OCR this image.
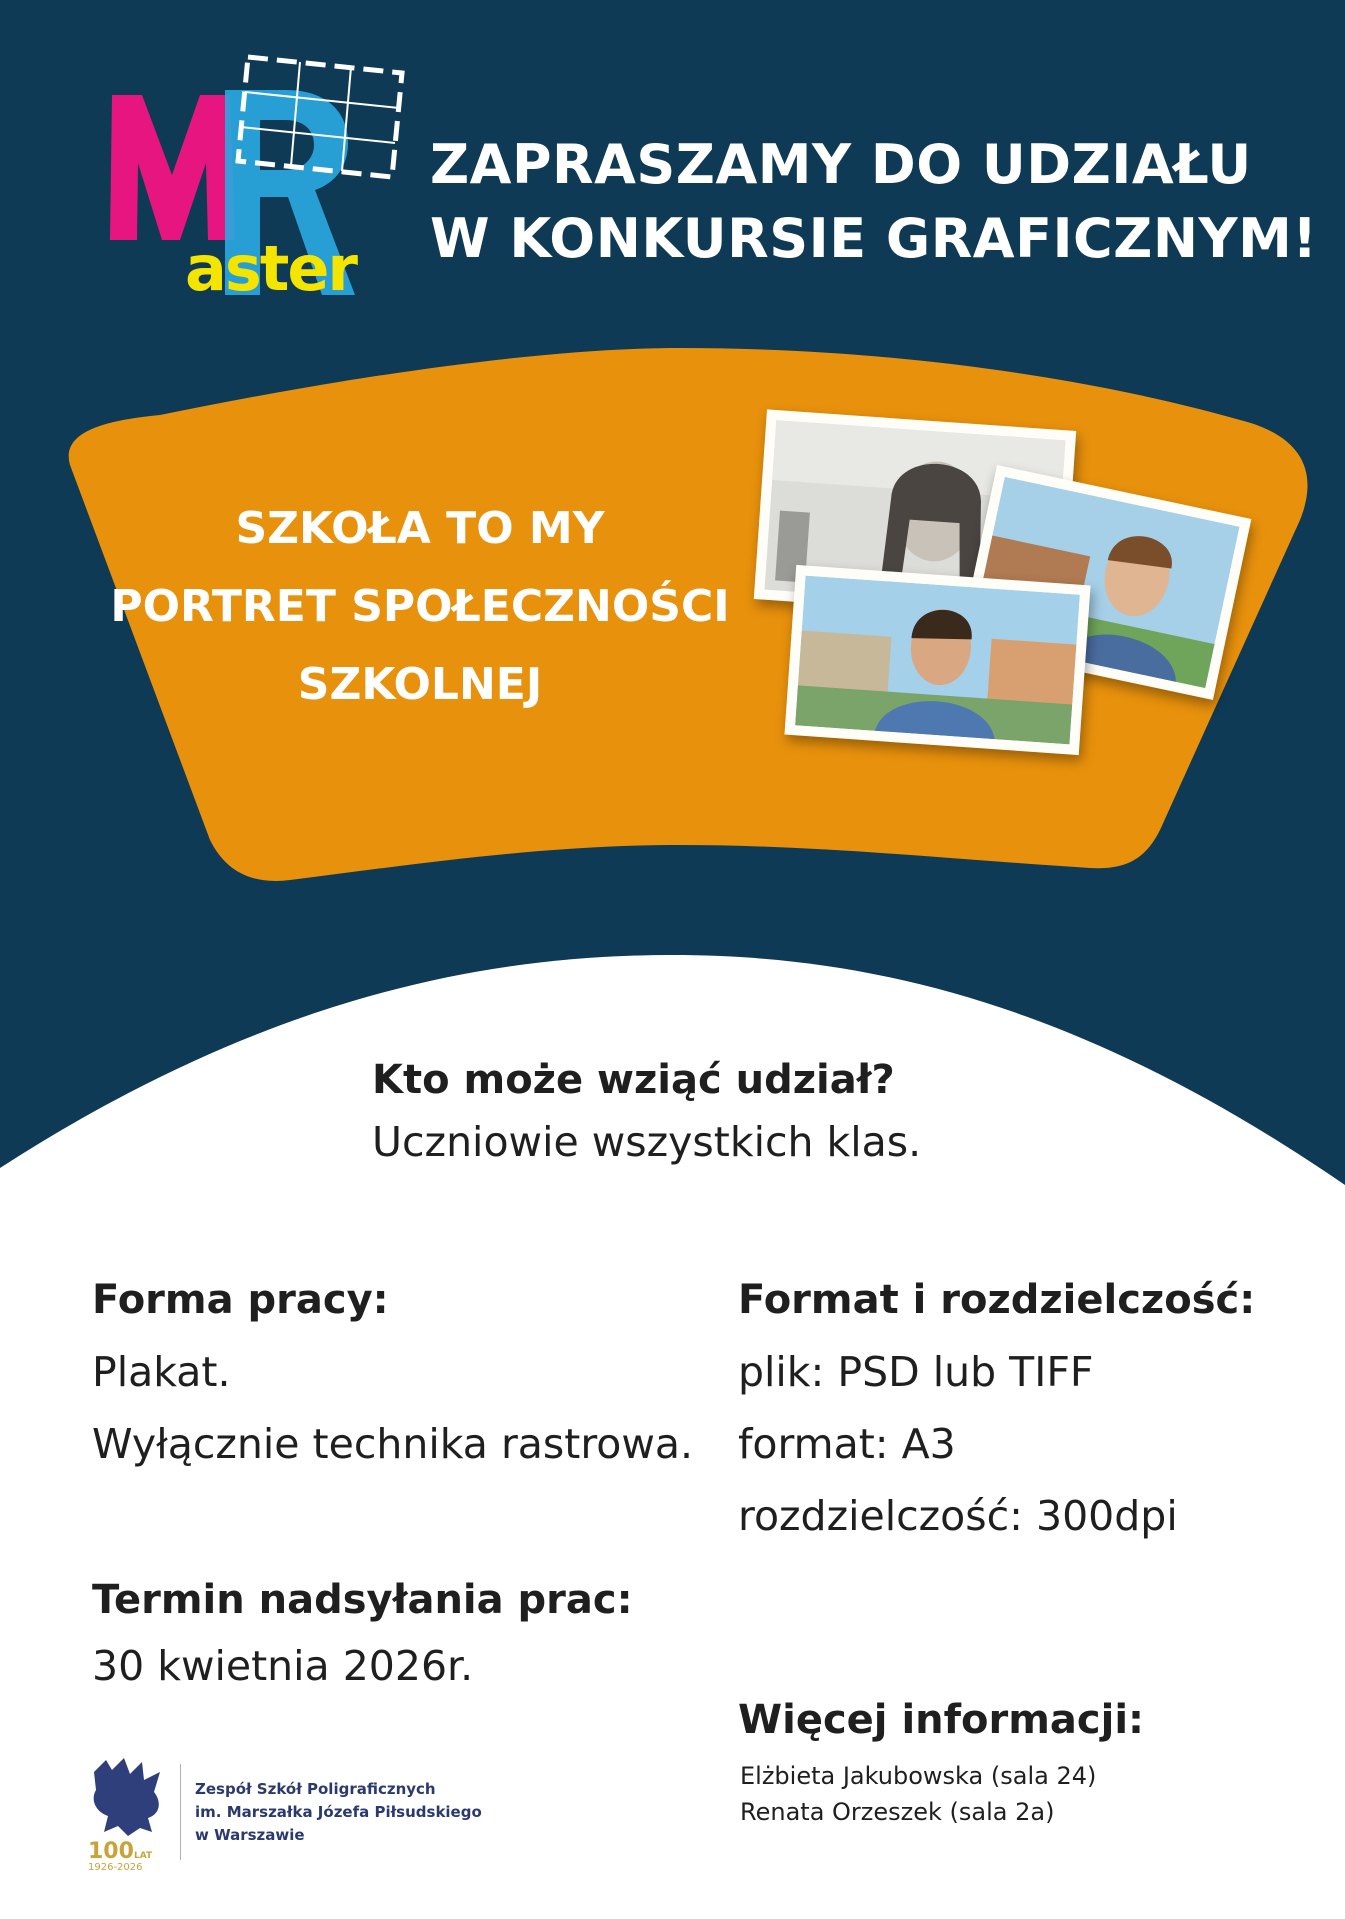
aster
ZAPRASZAMY DO UDZIAŁU
W KONKURSIE GRAFICZNYM!
SZKOŁA TO MY
PORTRET SPOŁECZNOŚCI
SZKOLNEJ
Kto może wziąć udział?
Uczniowie wszystkich klas.
Forma pracy:
Plakat.
Wyłącznie technika rastrowa.
Format i rozdzielczość:
plik: PSD lub TIFF
format: A3
rozdzielczość: 300dpi
Termin nadsyłania prac:
30 kwietnia 2026r.
Więcej informacji:
Elżbieta Jakubowska (sala 24)
Renata Orzeszek (sala 2a)
100 LAT
1926-2026
Zespół Szkół Poligraficznych
im. Marszałka Józefa Piłsudskiego
w Warszawie
